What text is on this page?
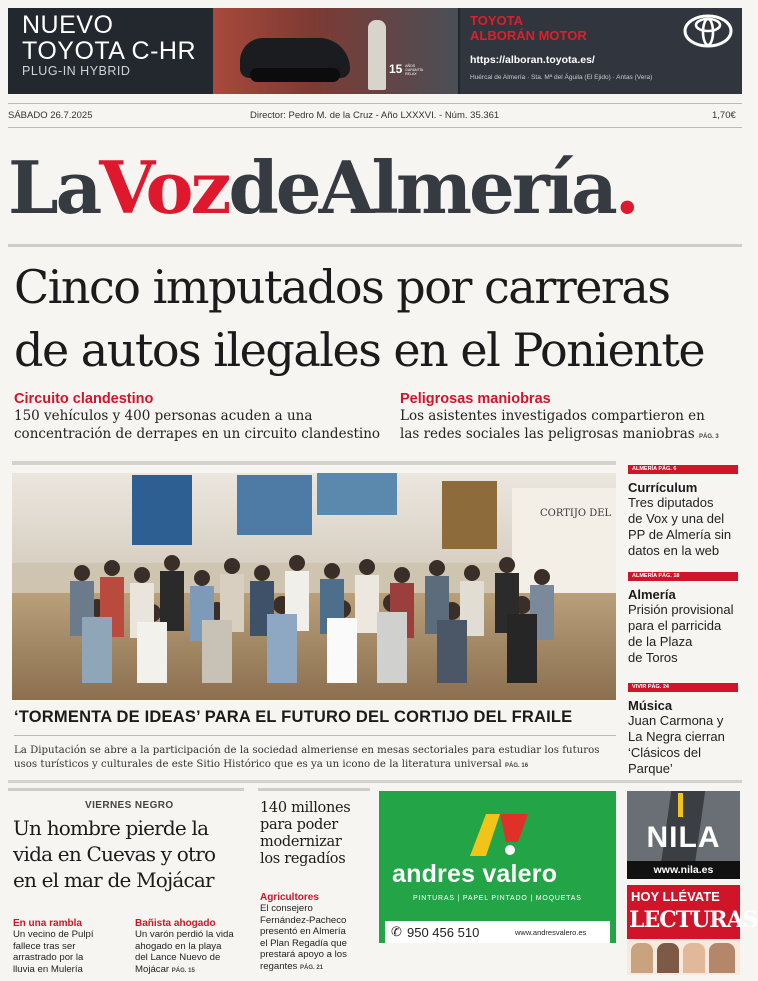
NUEVO
TOYOTA C-HR
PLUG-IN HYBRID	15 AÑOS
GARANTÍA
RELAX
TOYOTA
ALBORÁN MOTOR
https://alboran.toyota.es/
Huércal de Almería · Sta. Mª del Águila (El Ejido) · Antas (Vera)
SÁBADO 26.7.2025	Director: Pedro M. de la Cruz - Año LXXXVI. - Núm. 35.361	1,70€
LaVozdeAlmería.
Cinco imputados por carreras
de autos ilegales en el Poniente
Circuito clandestino
150 vehículos y 400 personas acuden a una
concentración de derrapes en un circuito clandestino
Peligrosas maniobras
Los asistentes investigados compartieron en
las redes sociales las peligrosas maniobras PÁG. 3
CORTIJO DEL
‘TORMENTA DE IDEAS’ PARA EL FUTURO DEL CORTIJO DEL FRAILE
La Diputación se abre a la participación de la sociedad almeriense en mesas sectoriales para estudiar los futuros
usos turísticos y culturales de este Sitio Histórico que es ya un icono de la literatura universal PÁG. 16
ALMERÍA PÁG. 6
Currículum
Tres diputados
de Vox y una del
PP de Almería sin
datos en la web
ALMERÍA PÁG. 18
Almería
Prisión provisional
para el parricida
de la Plaza
de Toros
VIVIR PÁG. 24
Música
Juan Carmona y
La Negra cierran
‘Clásicos del
Parque’
VIERNES NEGRO
Un hombre pierde la
vida en Cuevas y otro
en el mar de Mojácar
En una rambla
Un vecino de Pulpí
fallece tras ser
arrastrado por la
lluvia en Mulería
Bañista ahogado
Un varón perdió la vida
ahogado en la playa
del Lance Nuevo de
Mojácar PÁG. 15
140 millones
para poder
modernizar
los regadíos
Agricultores
El consejero
Fernández-Pacheco
presentó en Almería
el Plan Regadía que
prestará apoyo a los
regantes PÁG. 21
andres valero
PINTURAS | PAPEL PINTADO | MOQUETAS
✆ 950 456 510	www.andresvalero.es
NILA
www.nila.es
HOY LLÉVATE
LECTURAS
